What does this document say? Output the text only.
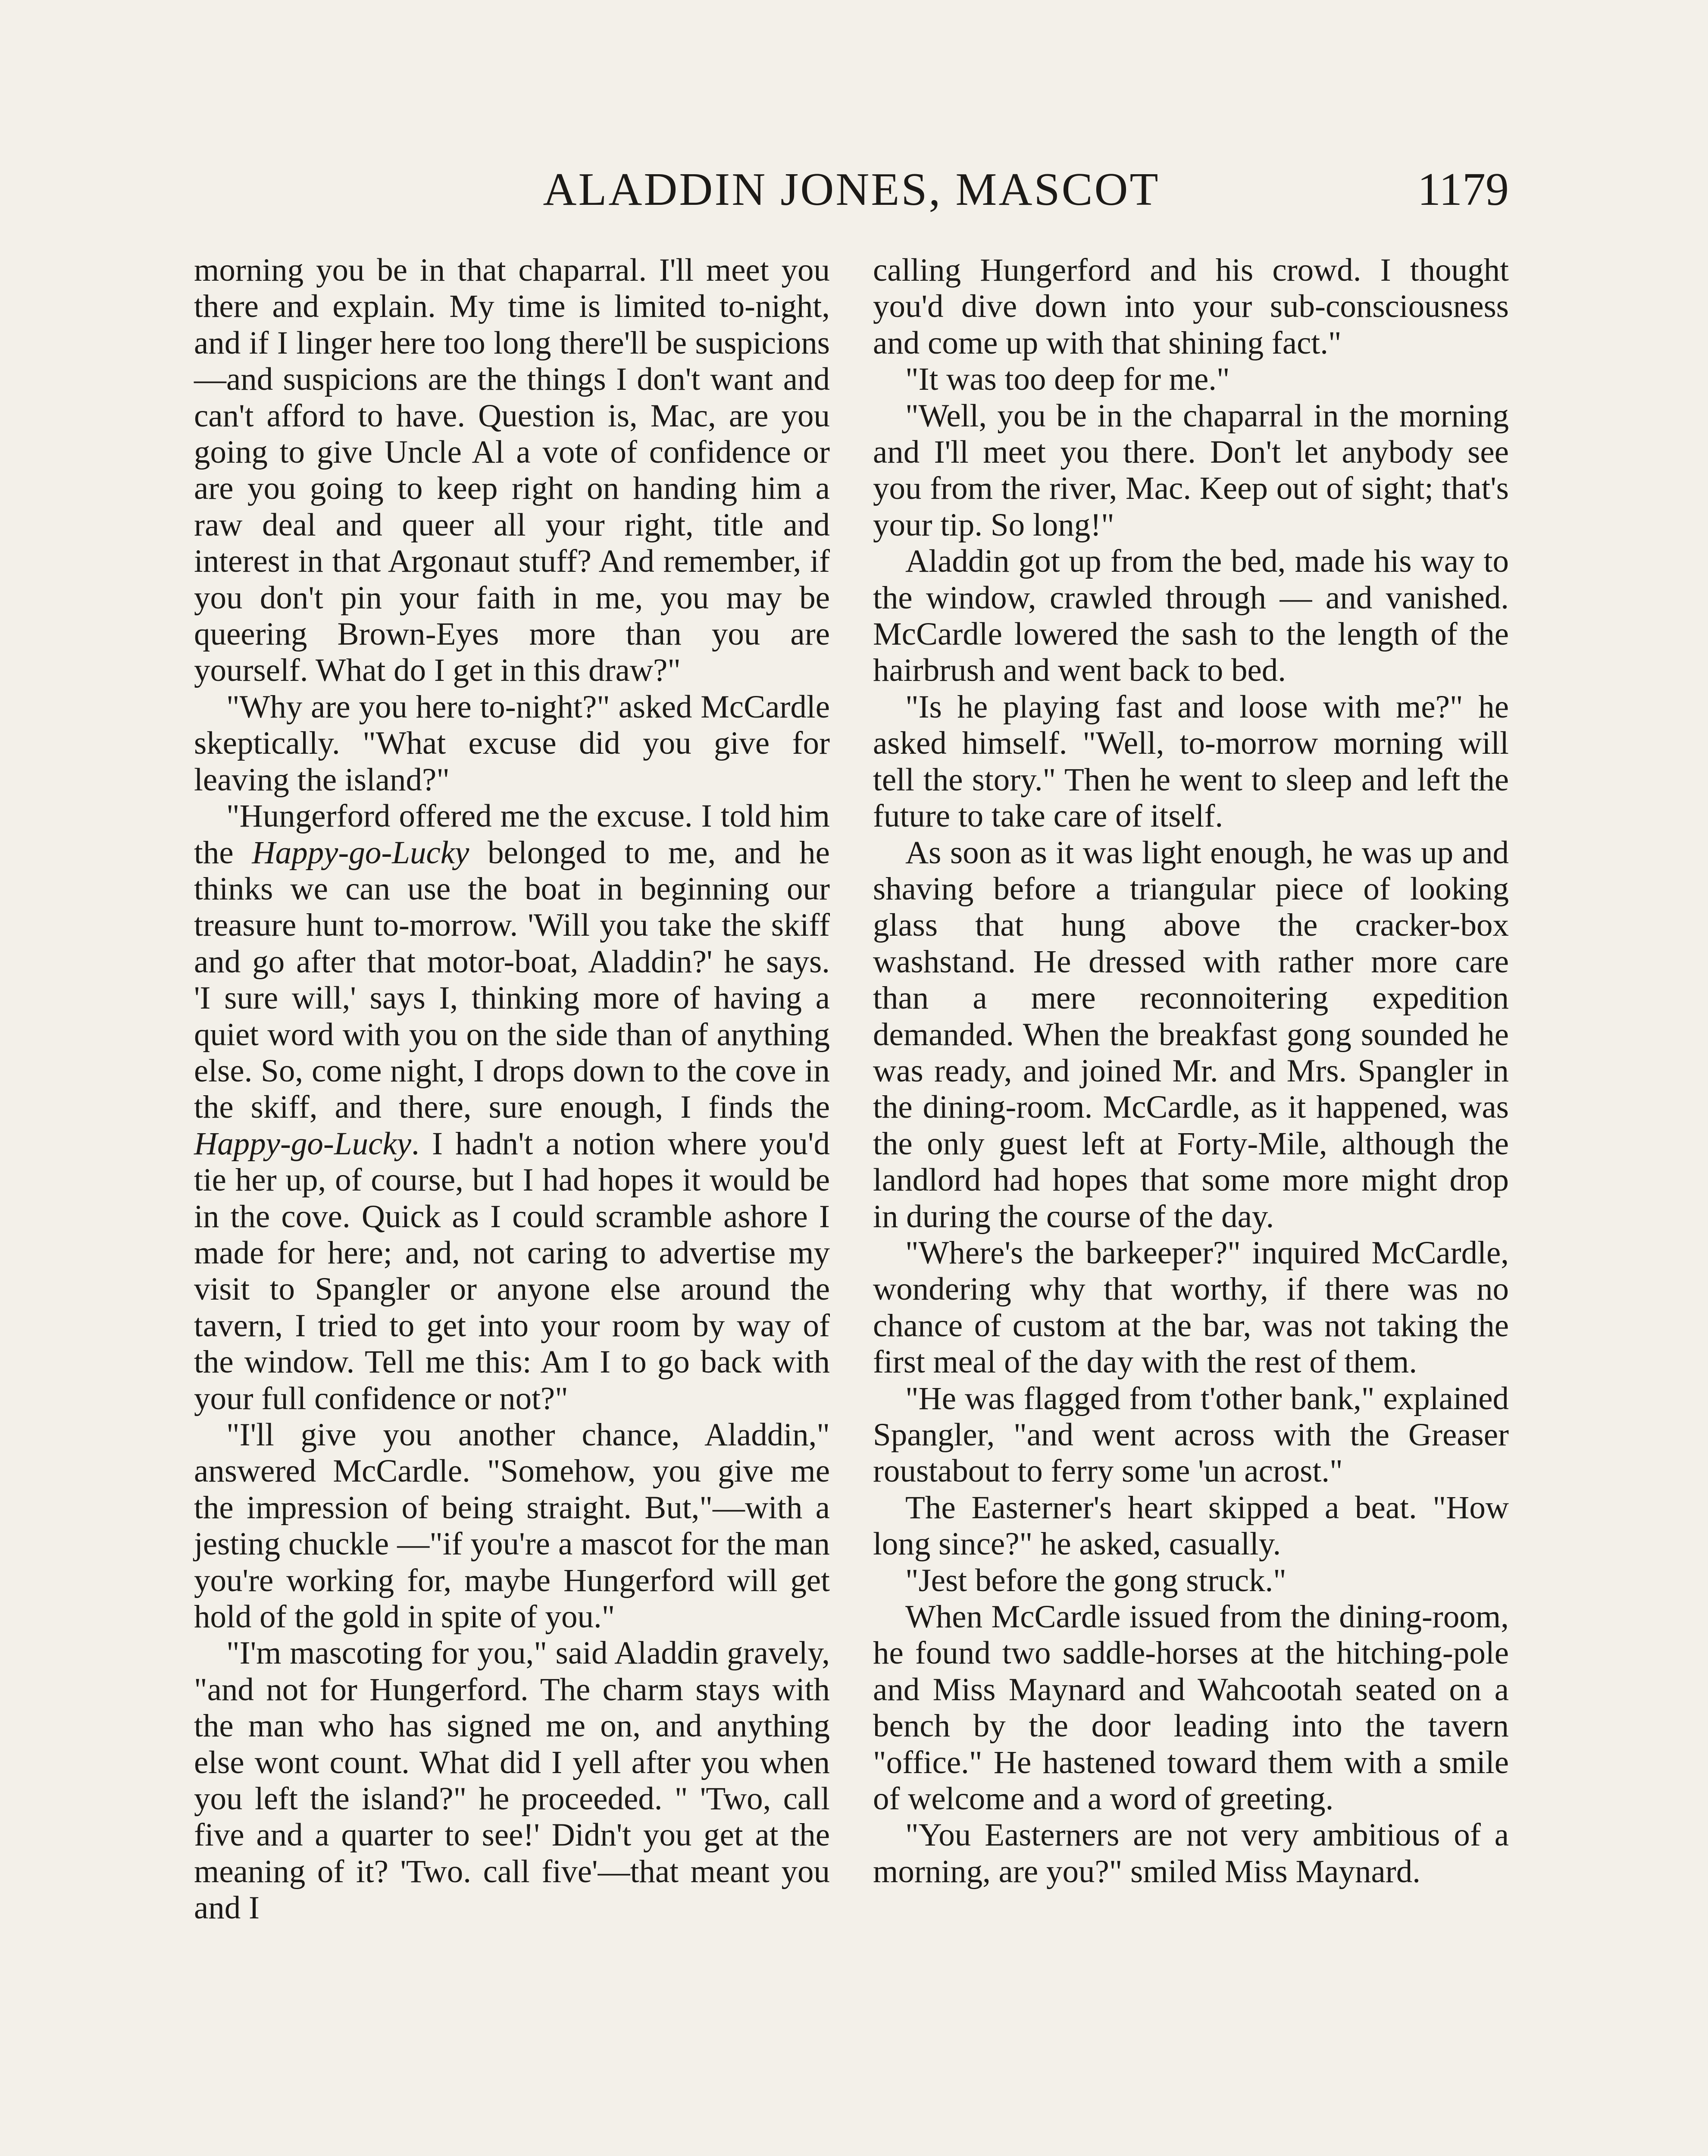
ALADDIN JONES, MASCOT	1179

morning you be in that chaparral. I'll meet you there and explain. My time is limited to-night, and if I linger here too long there'll be suspicions—and suspicions are the things I don't want and can't afford to have. Question is, Mac, are you going to give Uncle Al a vote of confidence or are you going to keep right on handing him a raw deal and queer all your right, title and interest in that Argonaut stuff? And remember, if you don't pin your faith in me, you may be queering Brown-Eyes more than you are yourself. What do I get in this draw?"

"Why are you here to-night?" asked McCardle skeptically. "What excuse did you give for leaving the island?"

"Hungerford offered me the excuse. I told him the Happy-go-Lucky belonged to me, and he thinks we can use the boat in beginning our treasure hunt to-morrow. 'Will you take the skiff and go after that motor-boat, Aladdin?' he says. 'I sure will,' says I, thinking more of having a quiet word with you on the side than of anything else. So, come night, I drops down to the cove in the skiff, and there, sure enough, I finds the Happy-go-Lucky. I hadn't a notion where you'd tie her up, of course, but I had hopes it would be in the cove. Quick as I could scramble ashore I made for here; and, not caring to advertise my visit to Spangler or anyone else around the tavern, I tried to get into your room by way of the window. Tell me this: Am I to go back with your full confidence or not?"

"I'll give you another chance, Aladdin," answered McCardle. "Somehow, you give me the impression of being straight. But,"—with a jesting chuckle —"if you're a mascot for the man you're working for, maybe Hungerford will get hold of the gold in spite of you."

"I'm mascoting for you," said Aladdin gravely, "and not for Hungerford. The charm stays with the man who has signed me on, and anything else wont count. What did I yell after you when you left the island?" he proceeded. " 'Two, call five and a quarter to see!' Didn't you get at the meaning of it? 'Two. call five'—that meant you and I

calling Hungerford and his crowd. I thought you'd dive down into your sub-consciousness and come up with that shining fact."

"It was too deep for me."

"Well, you be in the chaparral in the morning and I'll meet you there. Don't let anybody see you from the river, Mac. Keep out of sight; that's your tip. So long!"

Aladdin got up from the bed, made his way to the window, crawled through — and vanished. McCardle lowered the sash to the length of the hairbrush and went back to bed.

"Is he playing fast and loose with me?" he asked himself. "Well, to-morrow morning will tell the story." Then he went to sleep and left the future to take care of itself.

As soon as it was light enough, he was up and shaving before a triangular piece of looking glass that hung above the cracker-box washstand. He dressed with rather more care than a mere reconnoitering expedition demanded. When the breakfast gong sounded he was ready, and joined Mr. and Mrs. Spangler in the dining-room. McCardle, as it happened, was the only guest left at Forty-Mile, although the landlord had hopes that some more might drop in during the course of the day.

"Where's the barkeeper?" inquired McCardle, wondering why that worthy, if there was no chance of custom at the bar, was not taking the first meal of the day with the rest of them.

"He was flagged from t'other bank," explained Spangler, "and went across with the Greaser roustabout to ferry some 'un acrost."

The Easterner's heart skipped a beat. "How long since?" he asked, casually.

"Jest before the gong struck."

When McCardle issued from the dining-room, he found two saddle-horses at the hitching-pole and Miss Maynard and Wahcootah seated on a bench by the door leading into the tavern "office." He hastened toward them with a smile of welcome and a word of greeting.

"You Easterners are not very ambitious of a morning, are you?" smiled Miss Maynard.
